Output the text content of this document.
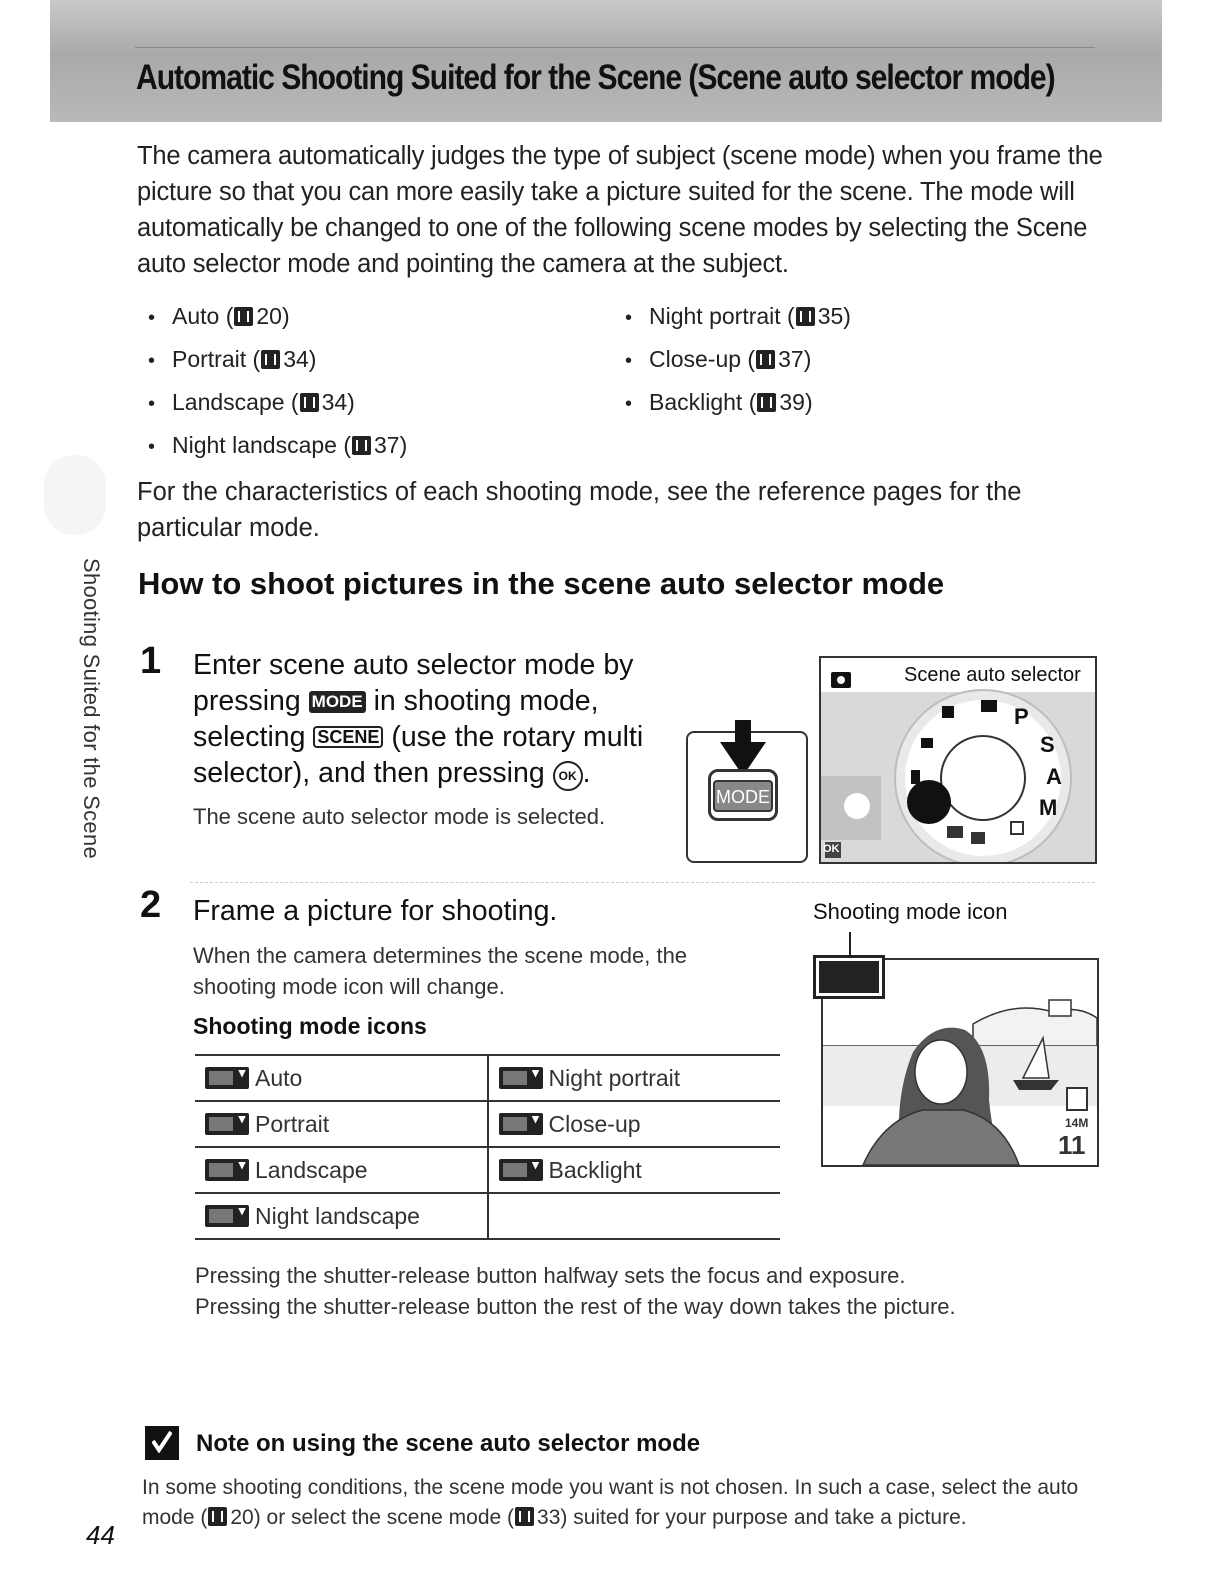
Automatic Shooting Suited for the Scene (Scene auto selector mode)
The camera automatically judges the type of subject (scene mode) when you frame the picture so that you can more easily take a picture suited for the scene. The mode will automatically be changed to one of the following scene modes by selecting the Scene auto selector mode and pointing the camera at the subject.
• Auto ( 20)
• Portrait ( 34)
• Landscape ( 34)
• Night landscape ( 37)
• Night portrait ( 35)
• Close-up ( 37)
• Backlight ( 39)
For the characteristics of each shooting mode, see the reference pages for the particular mode.
Shooting Suited for the Scene How to shoot pictures in the scene auto selector mode
1 Enter scene auto selector mode by pressing MODE in shooting mode, selecting SCENE (use the rotary multi selector), and then pressing OK .
The scene auto selector mode is selected.
MODE
Scene auto selector
P
S
A
M
OK
2 Frame a picture for shooting.
When the camera determines the scene mode, the shooting mode icon will change.
Shooting mode icons
Auto	Night portrait
Portrait	Close-up
Landscape	Backlight
Night landscape	
Shooting mode icon
14M
11
Pressing the shutter-release button halfway sets the focus and exposure.
Pressing the shutter-release button the rest of the way down takes the picture.
Note on using the scene auto selector mode
In some shooting conditions, the scene mode you want is not chosen. In such a case, select the auto mode ( 20) or select the scene mode ( 33) suited for your purpose and take a picture.
44
